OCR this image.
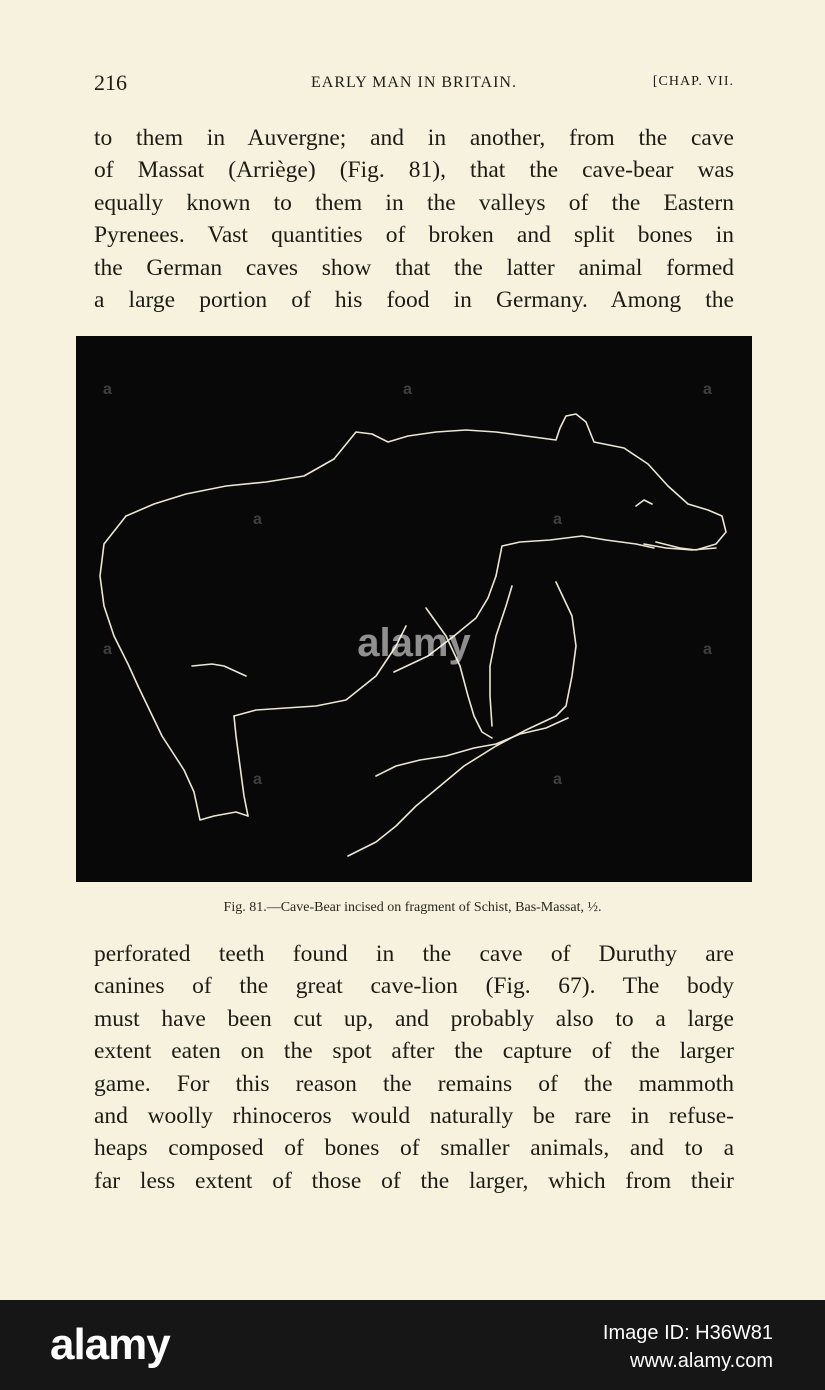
216	EARLY MAN IN BRITAIN.	[CHAP. VII.
to them in Auvergne; and in another, from the cave
of Massat (Arriège) (Fig. 81), that the cave-bear was
equally known to them in the valleys of the Eastern
Pyrenees. Vast quantities of broken and split bones in
the German caves show that the latter animal formed
a large portion of his food in Germany. Among the
a	a	a
a	a
a	a
a	a
alamy
Fig. 81.—Cave-Bear incised on fragment of Schist, Bas-Massat, ½.
perforated teeth found in the cave of Duruthy are
canines of the great cave-lion (Fig. 67). The body
must have been cut up, and probably also to a large
extent eaten on the spot after the capture of the larger
game. For this reason the remains of the mammoth
and woolly rhinoceros would naturally be rare in refuse-
heaps composed of bones of smaller animals, and to a
far less extent of those of the larger, which from their
alamy	Image ID: H36W81
www.alamy.com
